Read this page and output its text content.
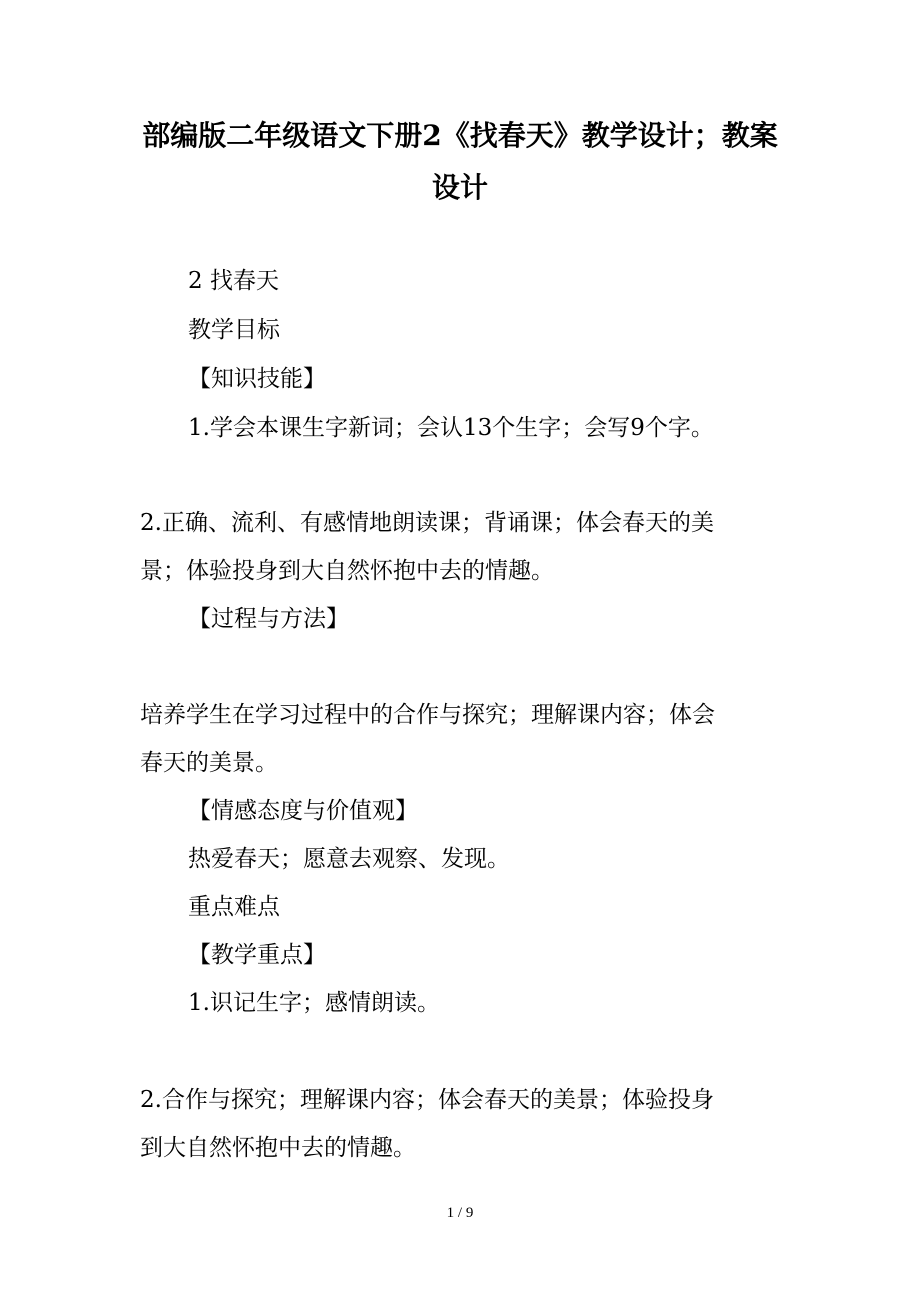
部编版二年级语文下册2《找春天》教学设计；教案
设计
2 找春天
教学目标
【知识技能】
1.学会本课生字新词；会认13个生字；会写9个字。
2.正确、流利、有感情地朗读课；背诵课；体会春天的美
景；体验投身到大自然怀抱中去的情趣。
【过程与方法】
培养学生在学习过程中的合作与探究；理解课内容；体会
春天的美景。
【情感态度与价值观】
热爱春天；愿意去观察、发现。
重点难点
【教学重点】
1.识记生字；感情朗读。
2.合作与探究；理解课内容；体会春天的美景；体验投身
到大自然怀抱中去的情趣。
1 / 9
